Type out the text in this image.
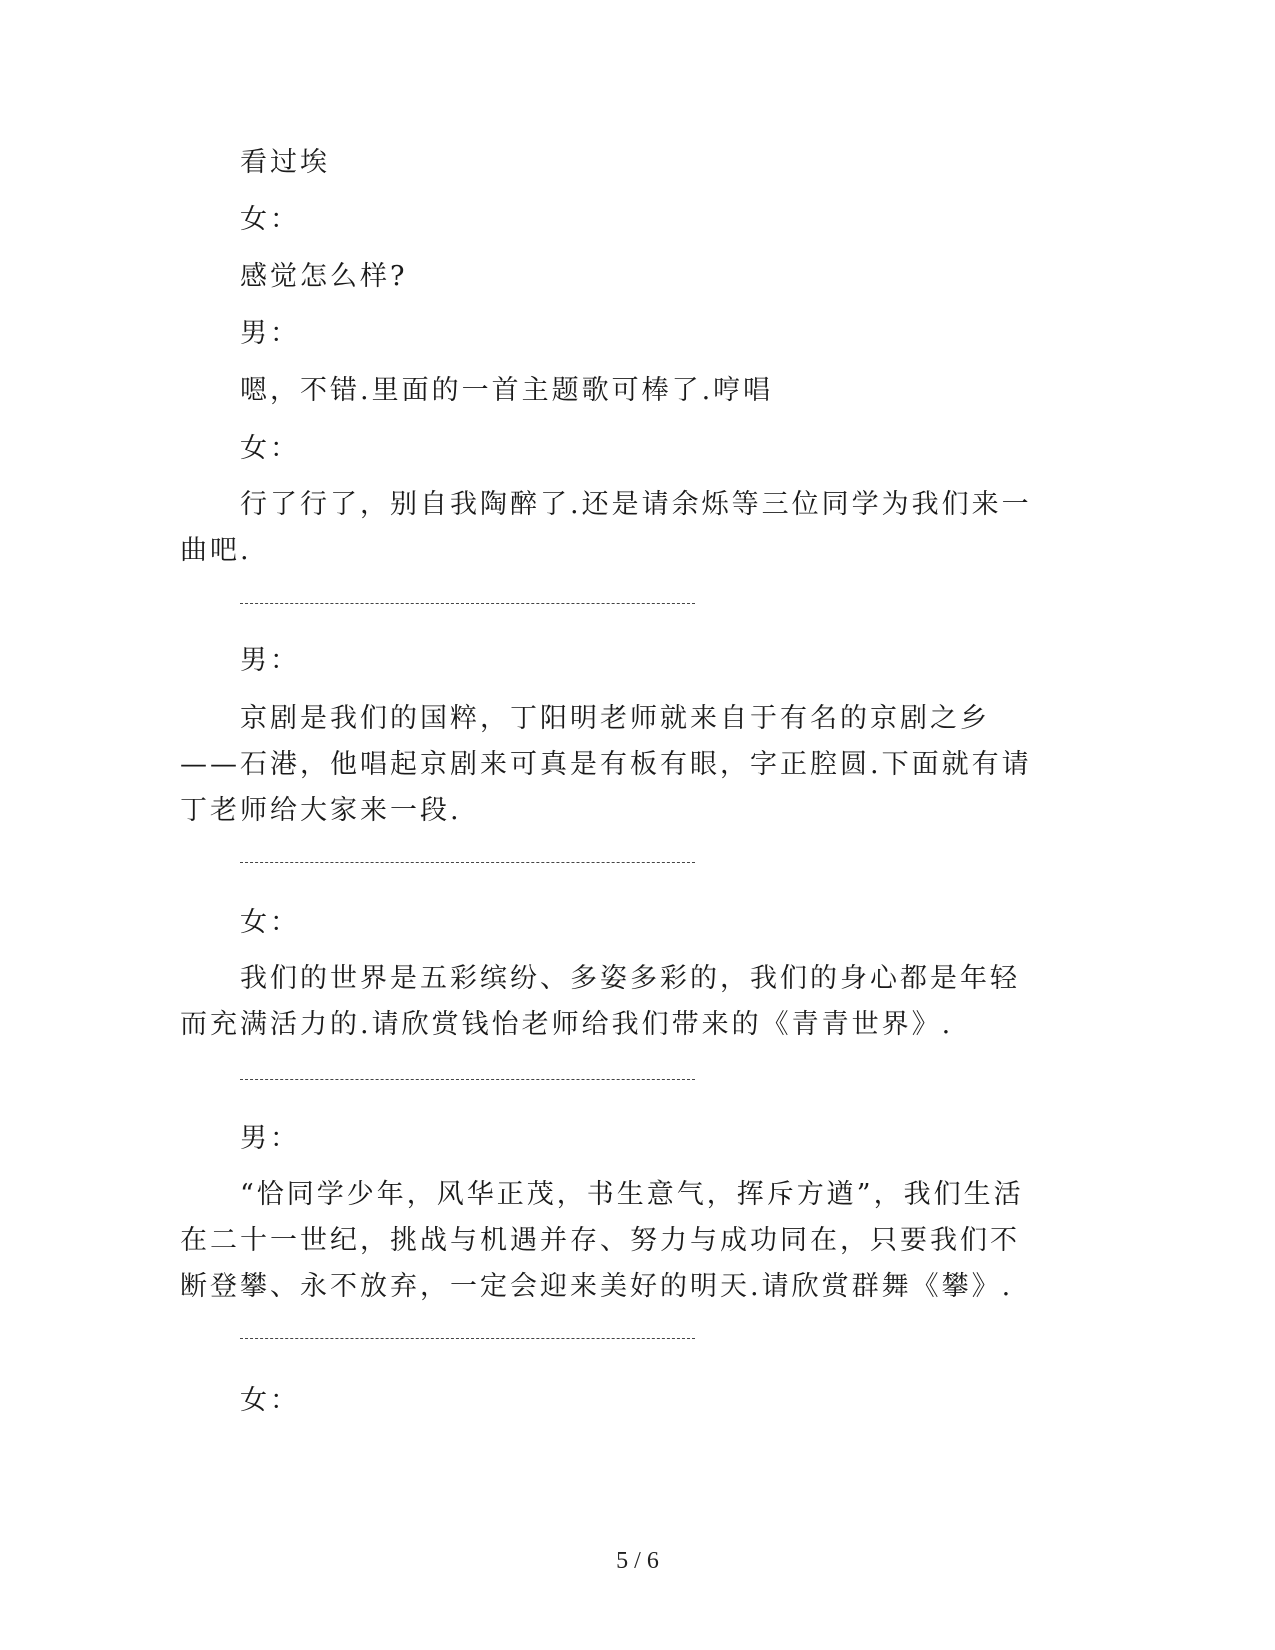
看过埃
女：
感觉怎么样?
男：
嗯，不错.里面的一首主题歌可棒了.哼唱
女：

行了行了，别自我陶醉了.还是请余烁等三位同学为我们来一曲吧.

男：

京剧是我们的国粹，丁阳明老师就来自于有名的京剧之乡——石港，他唱起京剧来可真是有板有眼，字正腔圆.下面就有请丁老师给大家来一段.

女：

我们的世界是五彩缤纷、多姿多彩的，我们的身心都是年轻而充满活力的.请欣赏钱怡老师给我们带来的《青青世界》.

男：

“恰同学少年，风华正茂，书生意气，挥斥方遒”，我们生活在二十一世纪，挑战与机遇并存、努力与成功同在，只要我们不断登攀、永不放弃，一定会迎来美好的明天.请欣赏群舞《攀》.

女：
5 / 6
